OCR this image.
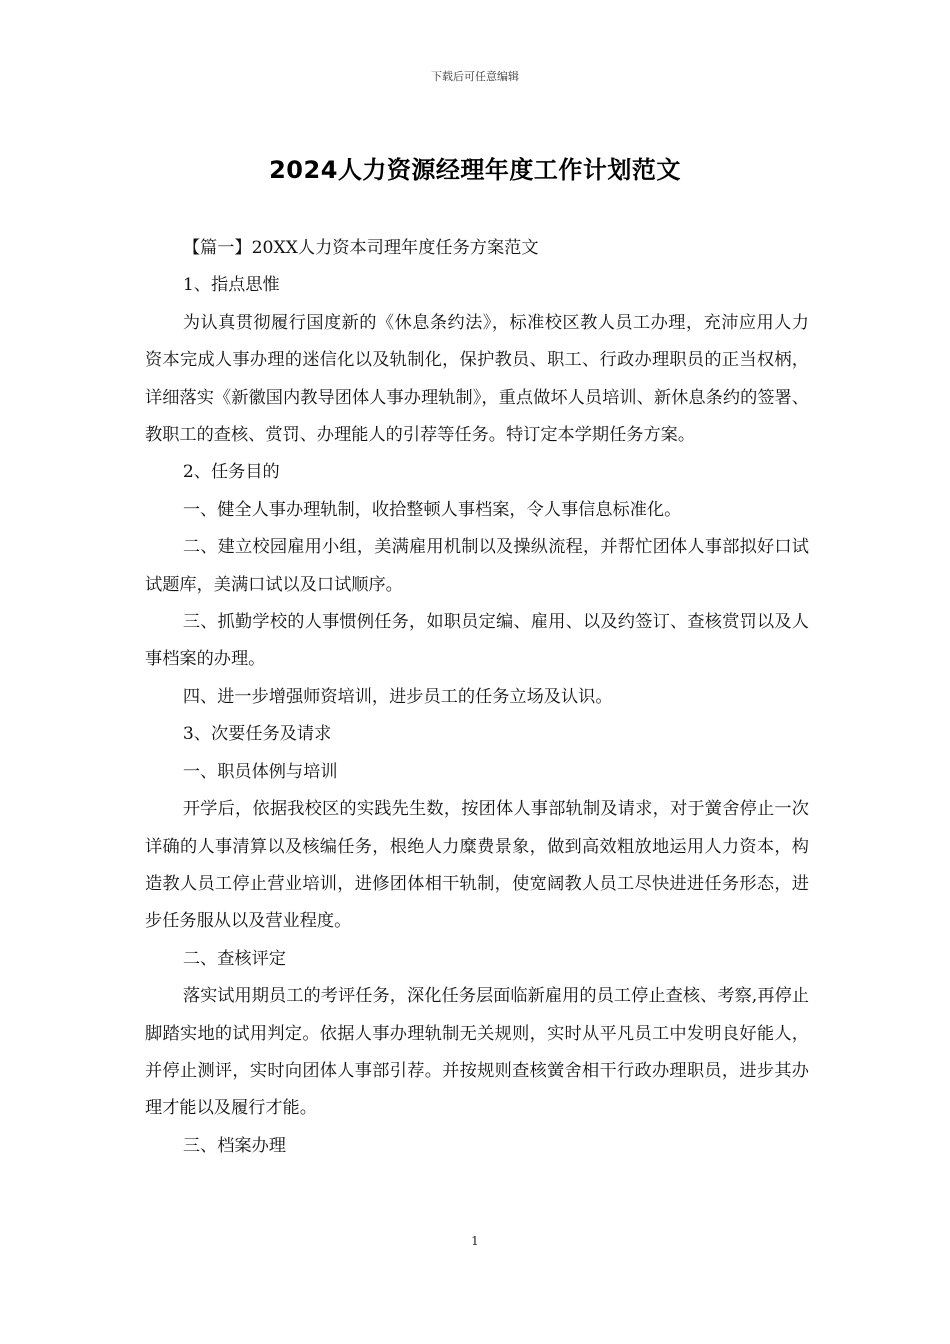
下载后可任意编辑
2024人力资源经理年度工作计划范文

【篇一】20XX人力资本司理年度任务方案范文

1、指点思惟

为认真贯彻履行国度新的《休息条约法》，标准校区教人员工办理，充沛应用人力资本完成人事办理的迷信化以及轨制化，保护教员、职工、行政办理职员的正当权柄，详细落实《新徽国内教导团体人事办理轨制》，重点做坏人员培训、新休息条约的签署、教职工的查核、赏罚、办理能人的引荐等任务。特订定本学期任务方案。

2、任务目的

一、健全人事办理轨制，收拾整顿人事档案，令人事信息标准化。

二、建立校园雇用小组，美满雇用机制以及操纵流程，并帮忙团体人事部拟好口试试题库，美满口试以及口试顺序。

三、抓勤学校的人事惯例任务，如职员定编、雇用、以及约签订、查核赏罚以及人事档案的办理。

四、进一步增强师资培训，进步员工的任务立场及认识。

3、次要任务及请求

一、职员体例与培训

开学后，依据我校区的实践先生数，按团体人事部轨制及请求，对于黉舍停止一次详确的人事清算以及核编任务，根绝人力糜费景象，做到高效粗放地运用人力资本，构造教人员工停止营业培训，进修团体相干轨制，使宽阔教人员工尽快进进任务形态，进步任务服从以及营业程度。

二、查核评定

落实试用期员工的考评任务，深化任务层面临新雇用的员工停止查核、考察,再停止脚踏实地的试用判定。依据人事办理轨制无关规则，实时从平凡员工中发明良好能人，并停止测评，实时向团体人事部引荐。并按规则查核黉舍相干行政办理职员，进步其办理才能以及履行才能。

三、档案办理

1
